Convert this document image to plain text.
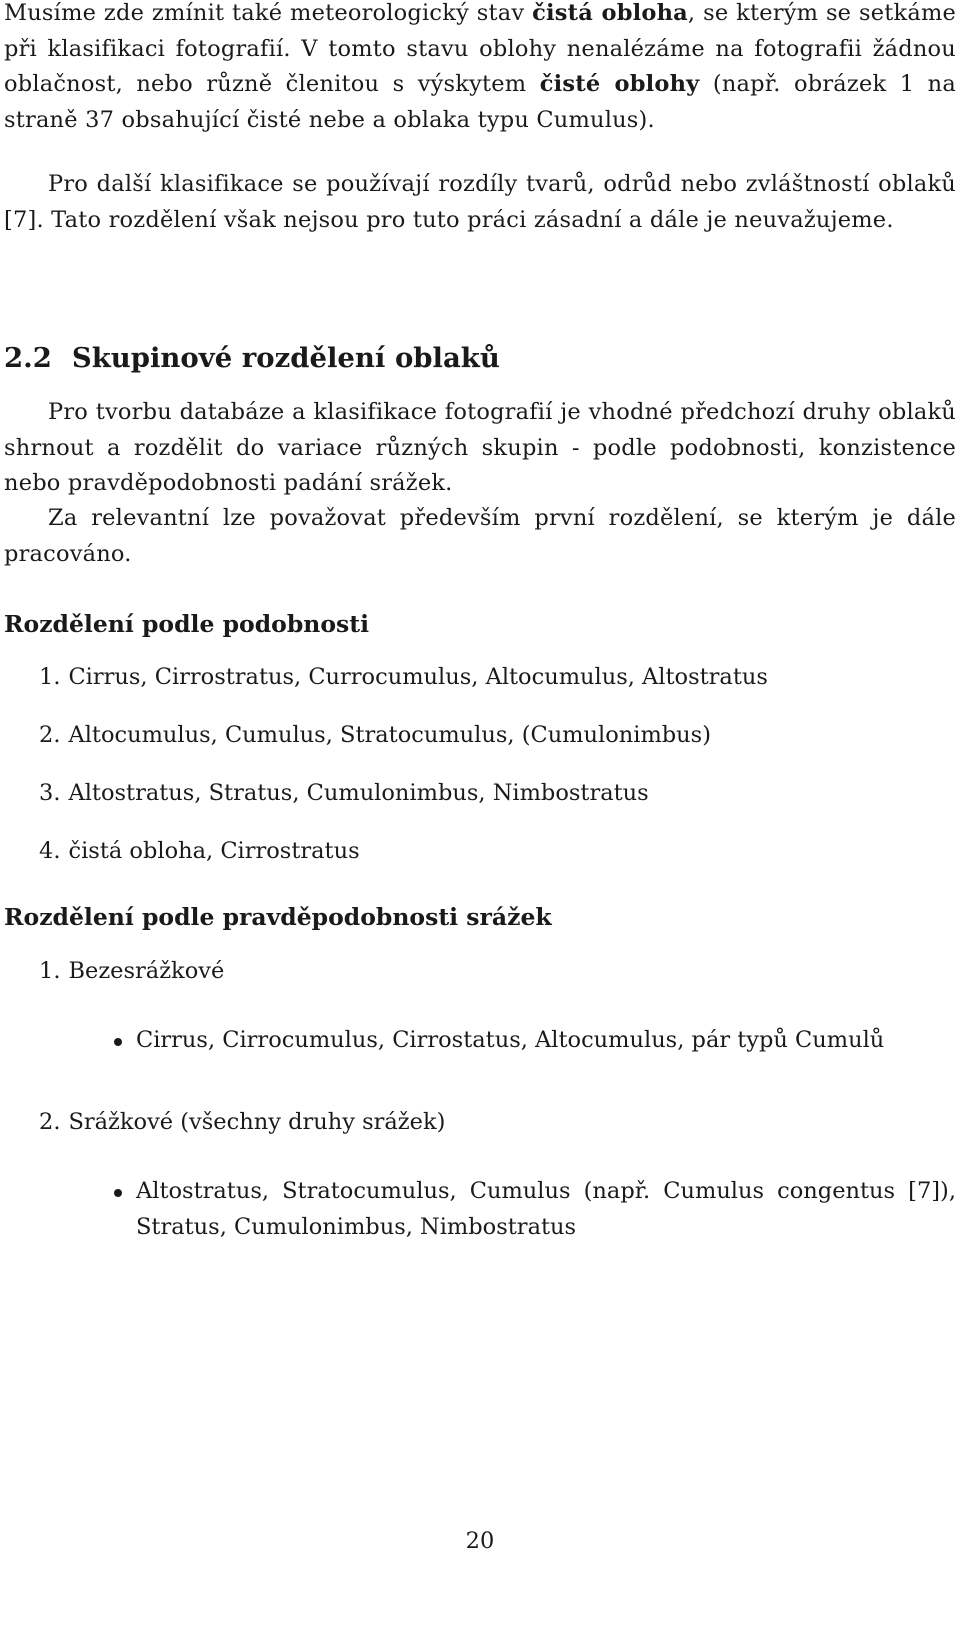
Musíme zde zmínit také meteorologický stav čistá obloha, se kterým se setkáme při klasifikaci fotografií. V tomto stavu oblohy nenalézáme na fotografii žádnou oblačnost, nebo různě členitou s výskytem čisté oblohy (např. obrázek 1 na straně 37 obsahující čisté nebe a oblaka typu Cumulus).

Pro další klasifikace se používají rozdíly tvarů, odrůd nebo zvláštností oblaků [7]. Tato rozdělení však nejsou pro tuto práci zásadní a dále je neuvažujeme.

2.2 Skupinové rozdělení oblaků

Pro tvorbu databáze a klasifikace fotografií je vhodné předchozí druhy oblaků shrnout a rozdělit do variace různých skupin - podle podobnosti, konzistence nebo pravděpodobnosti padání srážek.

Za relevantní lze považovat především první rozdělení, se kterým je dále pracováno.

Rozdělení podle podobnosti
1. Cirrus, Cirrostratus, Currocumulus, Altocumulus, Altostratus
2. Altocumulus, Cumulus, Stratocumulus, (Cumulonimbus)
3. Altostratus, Stratus, Cumulonimbus, Nimbostratus
4. čistá obloha, Cirrostratus
Rozdělení podle pravděpodobnosti srážek
1. Bezesrážkové
Cirrus, Cirrocumulus, Cirrostatus, Altocumulus, pár typů Cumulů
2. Srážkové (všechny druhy srážek)
Altostratus, Stratocumulus, Cumulus (např. Cumulus congentus [7]), Stratus, Cumulonimbus, Nimbostratus
20
